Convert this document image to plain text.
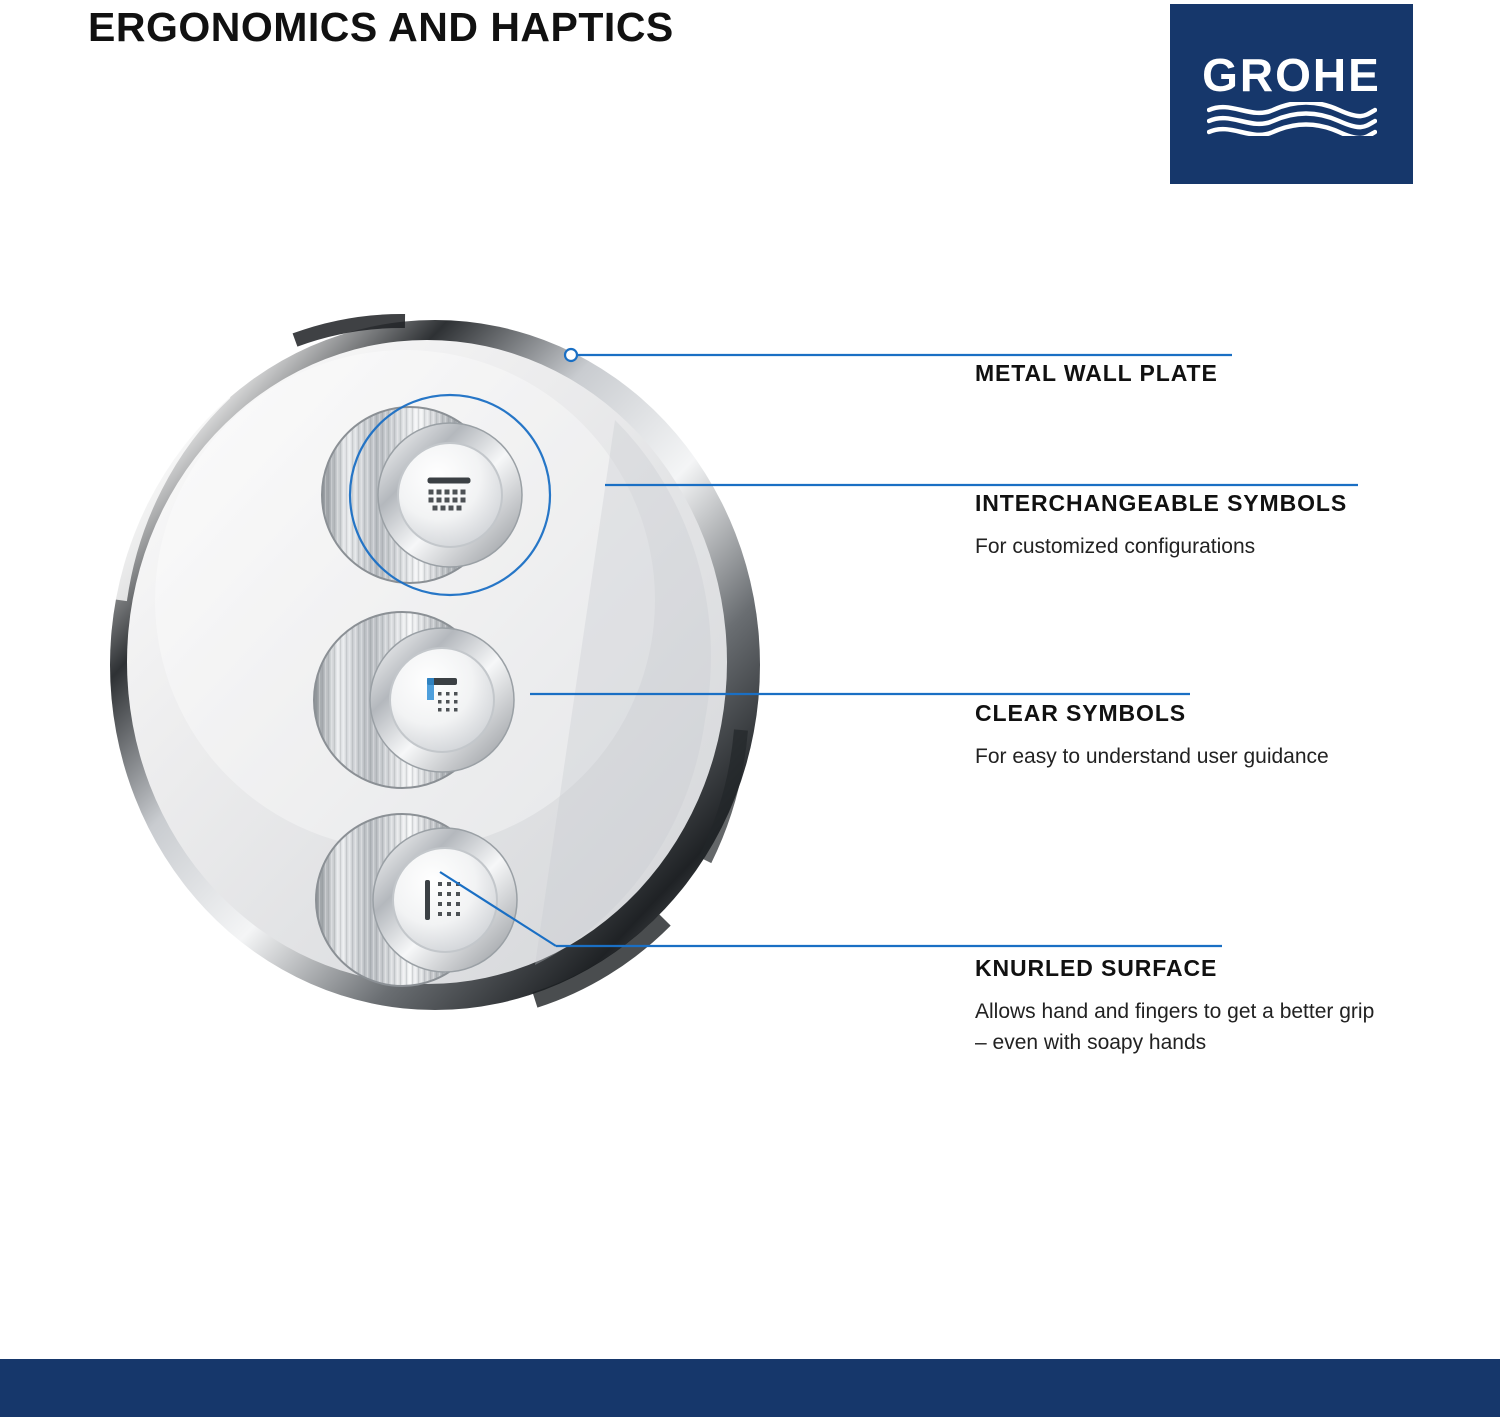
ERGONOMICS AND HAPTICS
GROHE

METAL WALL PLATE

INTERCHANGEABLE SYMBOLS

For customized configurations

CLEAR SYMBOLS

For easy to understand user guidance

KNURLED SURFACE

Allows hand and fingers to get a better grip – even with soapy hands
